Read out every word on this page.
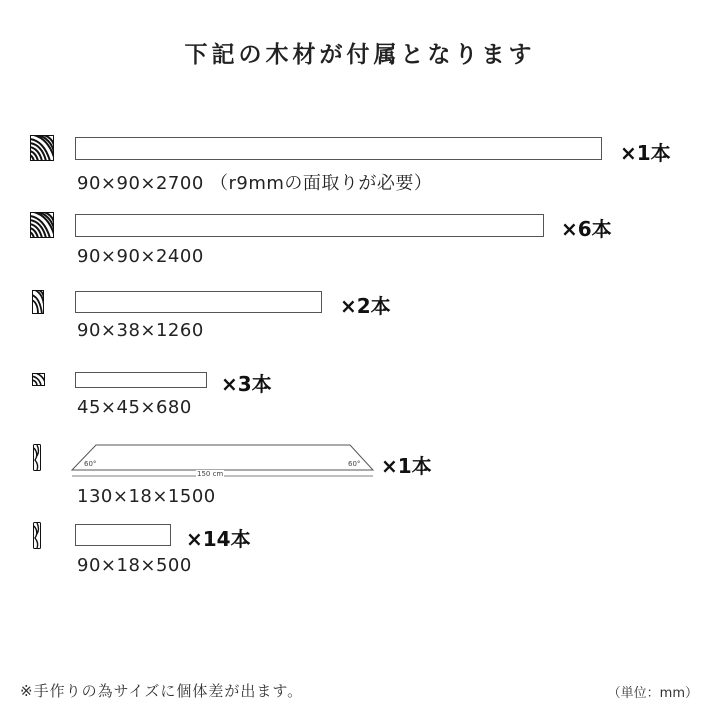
下記の木材が付属となります
×1本
90×90×2700 （r9mmの面取りが必要）
×6本
90×90×2400
×2本
90×38×1260
×3本
45×45×680
60°	60°
150 cm	×1本
130×18×1500
×14本
90×18×500
※手作りの為サイズに個体差が出ます。	（単位：mm）
